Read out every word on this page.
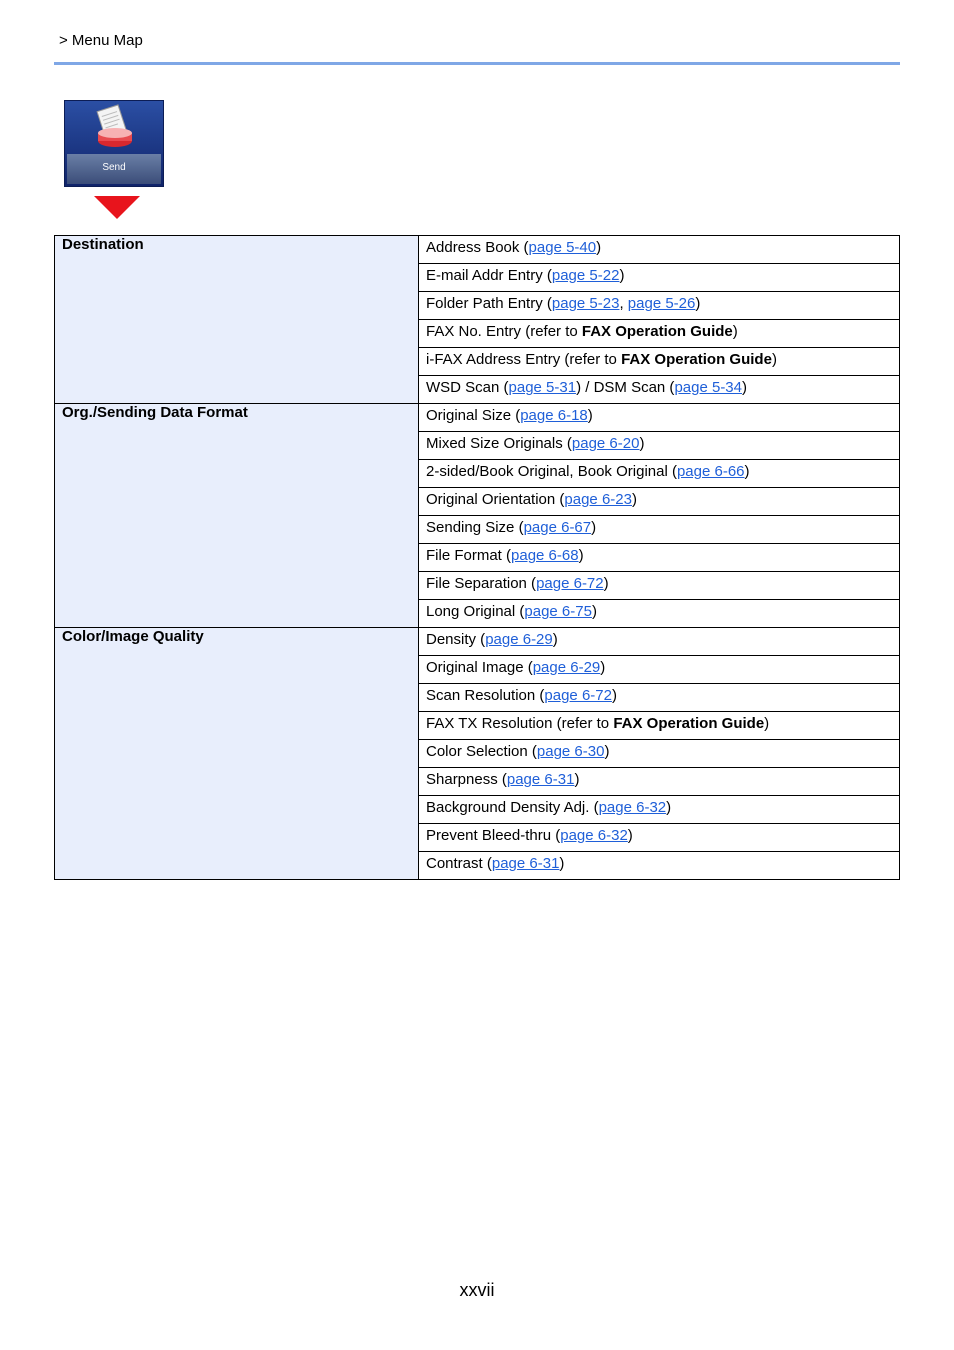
> Menu Map
Send
Destination	Address Book (page 5-40)
	E-mail Addr Entry (page 5-22)
	Folder Path Entry (page 5-23, page 5-26)
	FAX No. Entry (refer to FAX Operation Guide)
	i-FAX Address Entry (refer to FAX Operation Guide)
	WSD Scan (page 5-31) / DSM Scan (page 5-34)
Org./Sending Data Format	Original Size (page 6-18)
	Mixed Size Originals (page 6-20)
	2-sided/Book Original, Book Original (page 6-66)
	Original Orientation (page 6-23)
	Sending Size (page 6-67)
	File Format (page 6-68)
	File Separation (page 6-72)
	Long Original (page 6-75)
Color/Image Quality	Density (page 6-29)
	Original Image (page 6-29)
	Scan Resolution (page 6-72)
	FAX TX Resolution (refer to FAX Operation Guide)
	Color Selection (page 6-30)
	Sharpness (page 6-31)
	Background Density Adj. (page 6-32)
	Prevent Bleed-thru (page 6-32)
	Contrast (page 6-31)
xxvii
